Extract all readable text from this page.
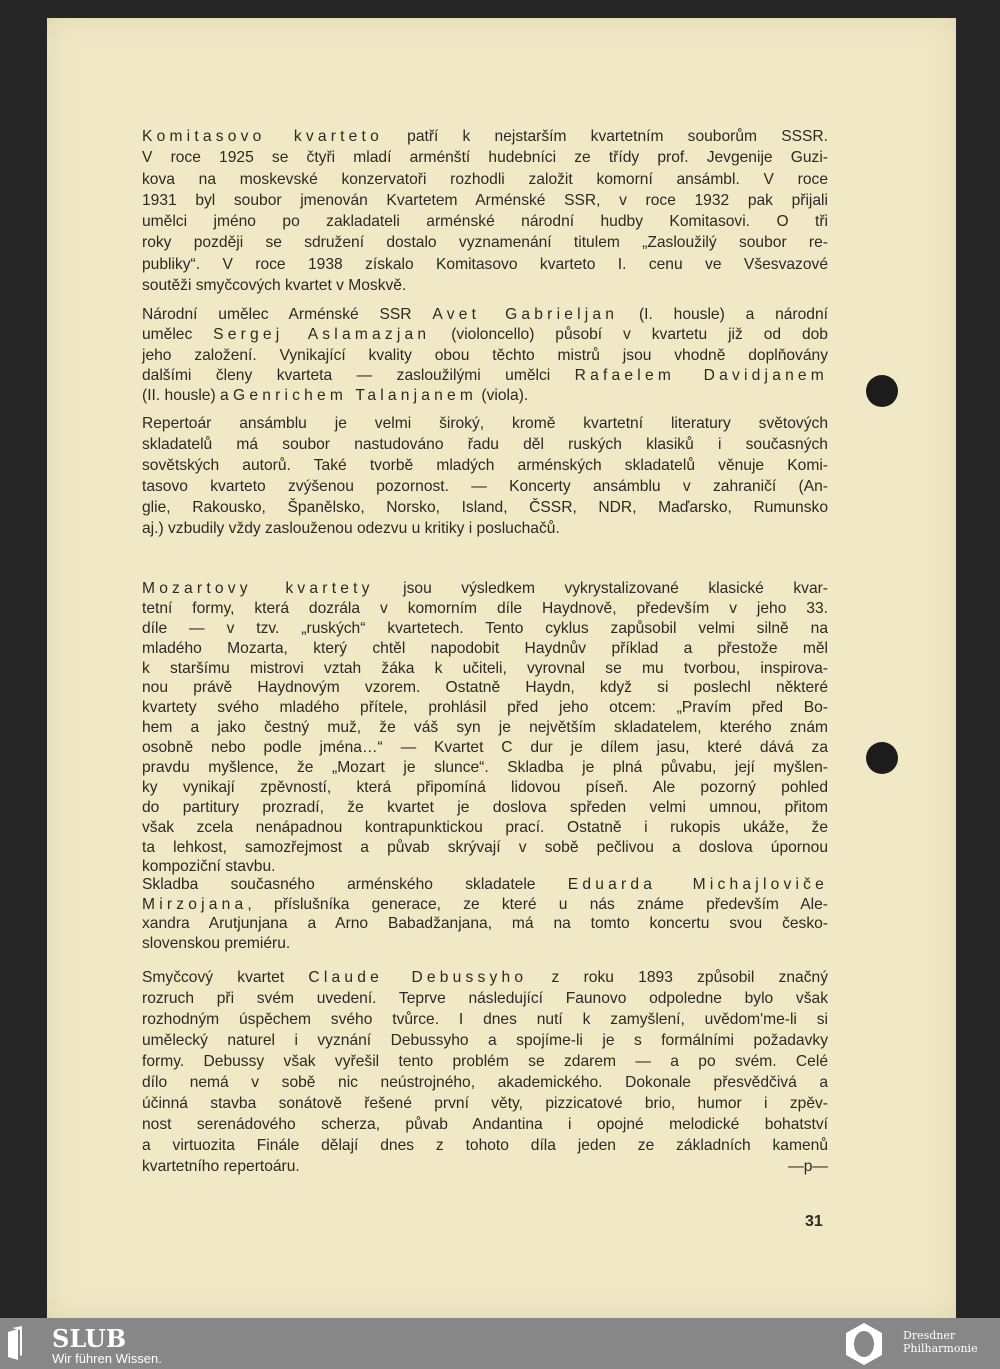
Komitasovo kvarteto patří k nejstarším kvartetním souborům SSSR.
V roce 1925 se čtyři mladí arménští hudebníci ze třídy prof. Jevgenije Guzi-
kova na moskevské konzervatoři rozhodli založit komorní ansámbl. V roce
1931 byl soubor jmenován Kvartetem Arménské SSR, v roce 1932 pak přijali
umělci jméno po zakladateli arménské národní hudby Komitasovi. O tři
roky později se sdružení dostalo vyznamenání titulem „Zasloužilý soubor re-
publiky“. V roce 1938 získalo Komitasovo kvarteto I. cenu ve Všesvazové
soutěži smyčcových kvartet v Moskvě.
Národní umělec Arménské SSR Avet Gabrieljan (I. housle) a národní
umělec Sergej Aslamazjan (violoncello) působí v kvartetu již od dob
jeho založení. Vynikající kvality obou těchto mistrů jsou vhodně doplňovány
dalšími členy kvarteta — zasloužilými umělci Rafaelem Davidjanem
(II. housle) a Genrichem Talanjanem (viola).
Repertoár ansámblu je velmi široký, kromě kvartetní literatury světových
skladatelů má soubor nastudováno řadu děl ruských klasiků i současných
sovětských autorů. Také tvorbě mladých arménských skladatelů věnuje Komi-
tasovo kvarteto zvýšenou pozornost. — Koncerty ansámblu v zahraničí (An-
glie, Rakousko, Španělsko, Norsko, Island, ČSSR, NDR, Maďarsko, Rumunsko
aj.) vzbudily vždy zaslouženou odezvu u kritiky i posluchačů.
Mozartovy kvartety jsou výsledkem vykrystalizované klasické kvar-
tetní formy, která dozrála v komorním díle Haydnově, především v jeho 33.
díle — v tzv. „ruských“ kvartetech. Tento cyklus zapůsobil velmi silně na
mladého Mozarta, který chtěl napodobit Haydnův příklad a přestože měl
k staršímu mistrovi vztah žáka k učiteli, vyrovnal se mu tvorbou, inspirova-
nou právě Haydnovým vzorem. Ostatně Haydn, když si poslechl některé
kvartety svého mladého přítele, prohlásil před jeho otcem: „Pravím před Bo-
hem a jako čestný muž, že váš syn je největším skladatelem, kterého znám
osobně nebo podle jména…“ — Kvartet C dur je dílem jasu, které dává za
pravdu myšlence, že „Mozart je slunce“. Skladba je plná půvabu, její myšlen-
ky vynikají zpěvností, která připomíná lidovou píseň. Ale pozorný pohled
do partitury prozradí, že kvartet je doslova spředen velmi umnou, přitom
však zcela nenápadnou kontrapunktickou prací. Ostatně i rukopis ukáže, že
ta lehkost, samozřejmost a půvab skrývají v sobě pečlivou a doslova úpornou
kompoziční stavbu.
Skladba současného arménského skladatele Eduarda Michajloviče
Mirzojana, příslušníka generace, ze které u nás známe především Ale-
xandra Arutjunjana a Arno Babadžanjana, má na tomto koncertu svou česko-
slovenskou premiéru.
Smyčcový kvartet Claude Debussyho z roku 1893 způsobil značný
rozruch při svém uvedení. Teprve následující Faunovo odpoledne bylo však
rozhodným úspěchem svého tvůrce. I dnes nutí k zamyšlení, uvědom'me-li si
umělecký naturel i vyznání Debussyho a spojíme-li je s formálními požadavky
formy. Debussy však vyřešil tento problém se zdarem — a po svém. Celé
dílo nemá v sobě nic neústrojného, akademického. Dokonale přesvědčivá a
účinná stavba sonátově řešené první věty, pizzicatové brio, humor i zpěv-
nost serenádového scherza, půvab Andantina i opojné melodické bohatství
a virtuozita Finále dělají dnes z tohoto díla jeden ze základních kamenů
kvartetního repertoáru.	—p—
31
SLUB
Wir führen Wissen.
Dresdner
Philharmonie
